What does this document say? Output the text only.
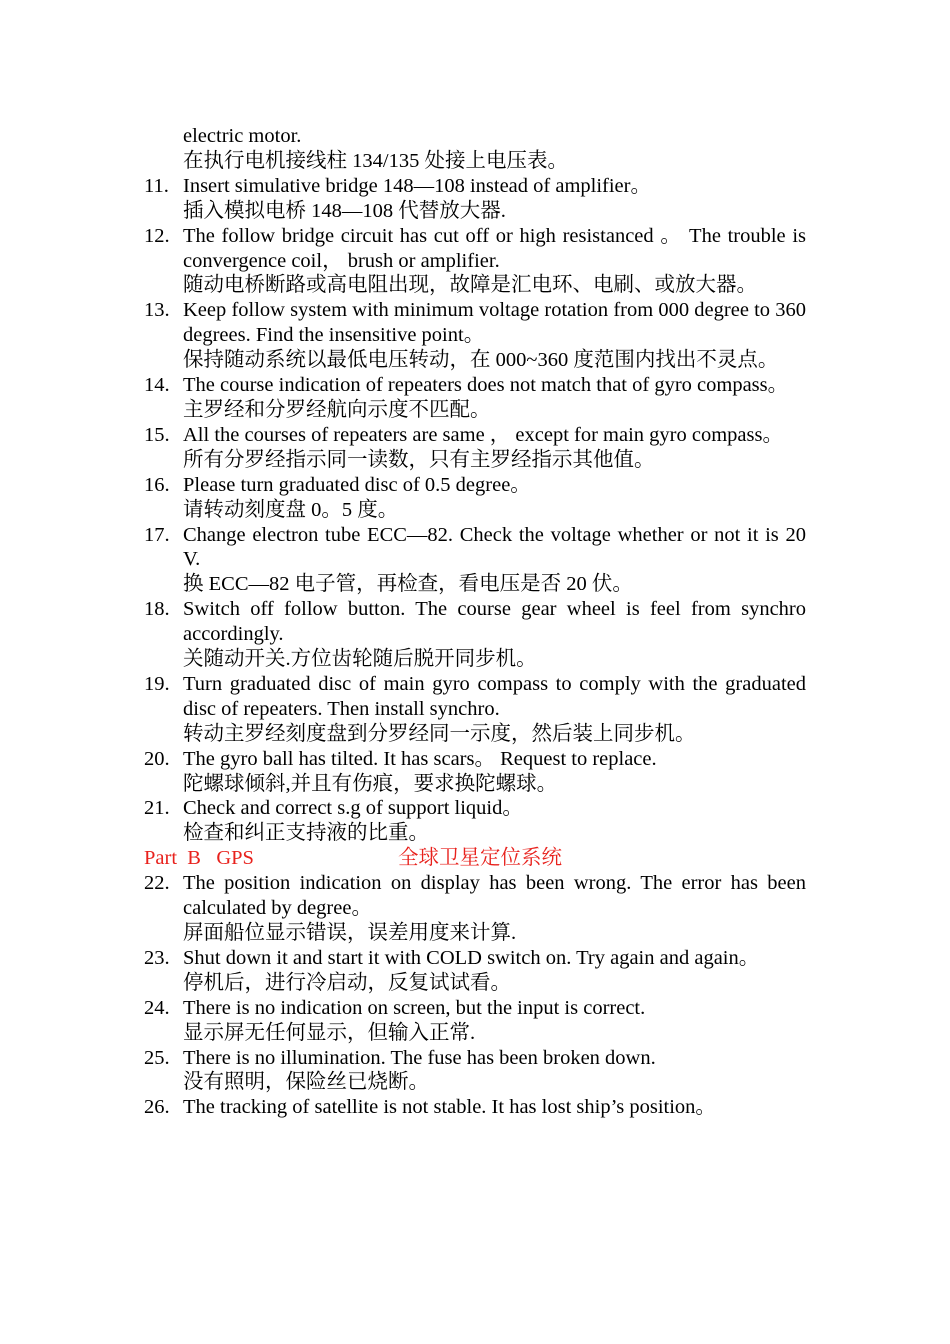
electric motor.
在执行电机接线柱 134/135 处接上电压表。
11. Insert simulative bridge 148—108 instead of amplifier。
插入模拟电桥 148—108 代替放大器.
12. The follow bridge circuit has cut off or high resistanced 。 The trouble is convergence coil， brush or amplifier.
随动电桥断路或高电阻出现，故障是汇电环、电刷、或放大器。
13. Keep follow system with minimum voltage rotation from 000 degree to 360 degrees. Find the insensitive point。
保持随动系统以最低电压转动，在 000~360 度范围内找出不灵点。
14. The course indication of repeaters does not match that of gyro compass。
主罗经和分罗经航向示度不匹配。
15. All the courses of repeaters are same ， except for main gyro compass。
所有分罗经指示同一读数，只有主罗经指示其他值。
16. Please turn graduated disc of 0.5 degree。
请转动刻度盘 0。5 度。
17. Change electron tube ECC—82. Check the voltage whether or not it is 20 V.
换 ECC—82 电子管，再检查，看电压是否 20 伏。
18. Switch off follow button. The course gear wheel is feel from synchro accordingly.
关随动开关.方位齿轮随后脱开同步机。
19. Turn graduated disc of main gyro compass to comply with the graduated disc of repeaters. Then install synchro.
转动主罗经刻度盘到分罗经同一示度，然后装上同步机。
20. The gyro ball has tilted. It has scars。 Request to replace.
陀螺球倾斜,并且有伤痕，要求换陀螺球。
21. Check and correct s.g of support liquid。
检查和纠正支持液的比重。
Part  B   GPS	全球卫星定位系统
22. The position indication on display has been wrong. The error has been calculated by degree。
屏面船位显示错误，误差用度来计算.
23. Shut down it and start it with COLD switch on. Try again and again。
停机后，进行冷启动，反复试试看。
24. There is no indication on screen, but the input is correct.
显示屏无任何显示，但输入正常.
25. There is no illumination. The fuse has been broken down.
没有照明，保险丝已烧断。
26. The tracking of satellite is not stable. It has lost ship’s position。
